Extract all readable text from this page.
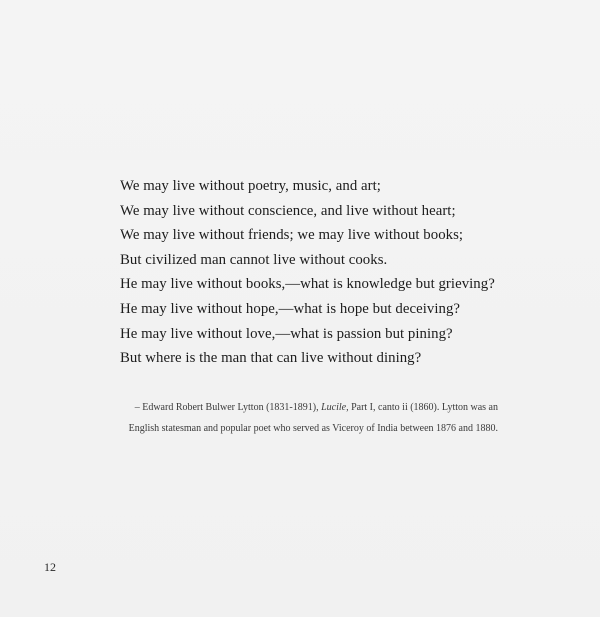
We may live without poetry, music, and art;
We may live without conscience, and live without heart;
We may live without friends; we may live without books;
But civilized man cannot live without cooks.
He may live without books,—what is knowledge but grieving?
He may live without hope,—what is hope but deceiving?
He may live without love,—what is passion but pining?
But where is the man that can live without dining?

– Edward Robert Bulwer Lytton (1831-1891), Lucile, Part I, canto ii (1860). Lytton was an English statesman and popular poet who served as Viceroy of India between 1876 and 1880.

12
